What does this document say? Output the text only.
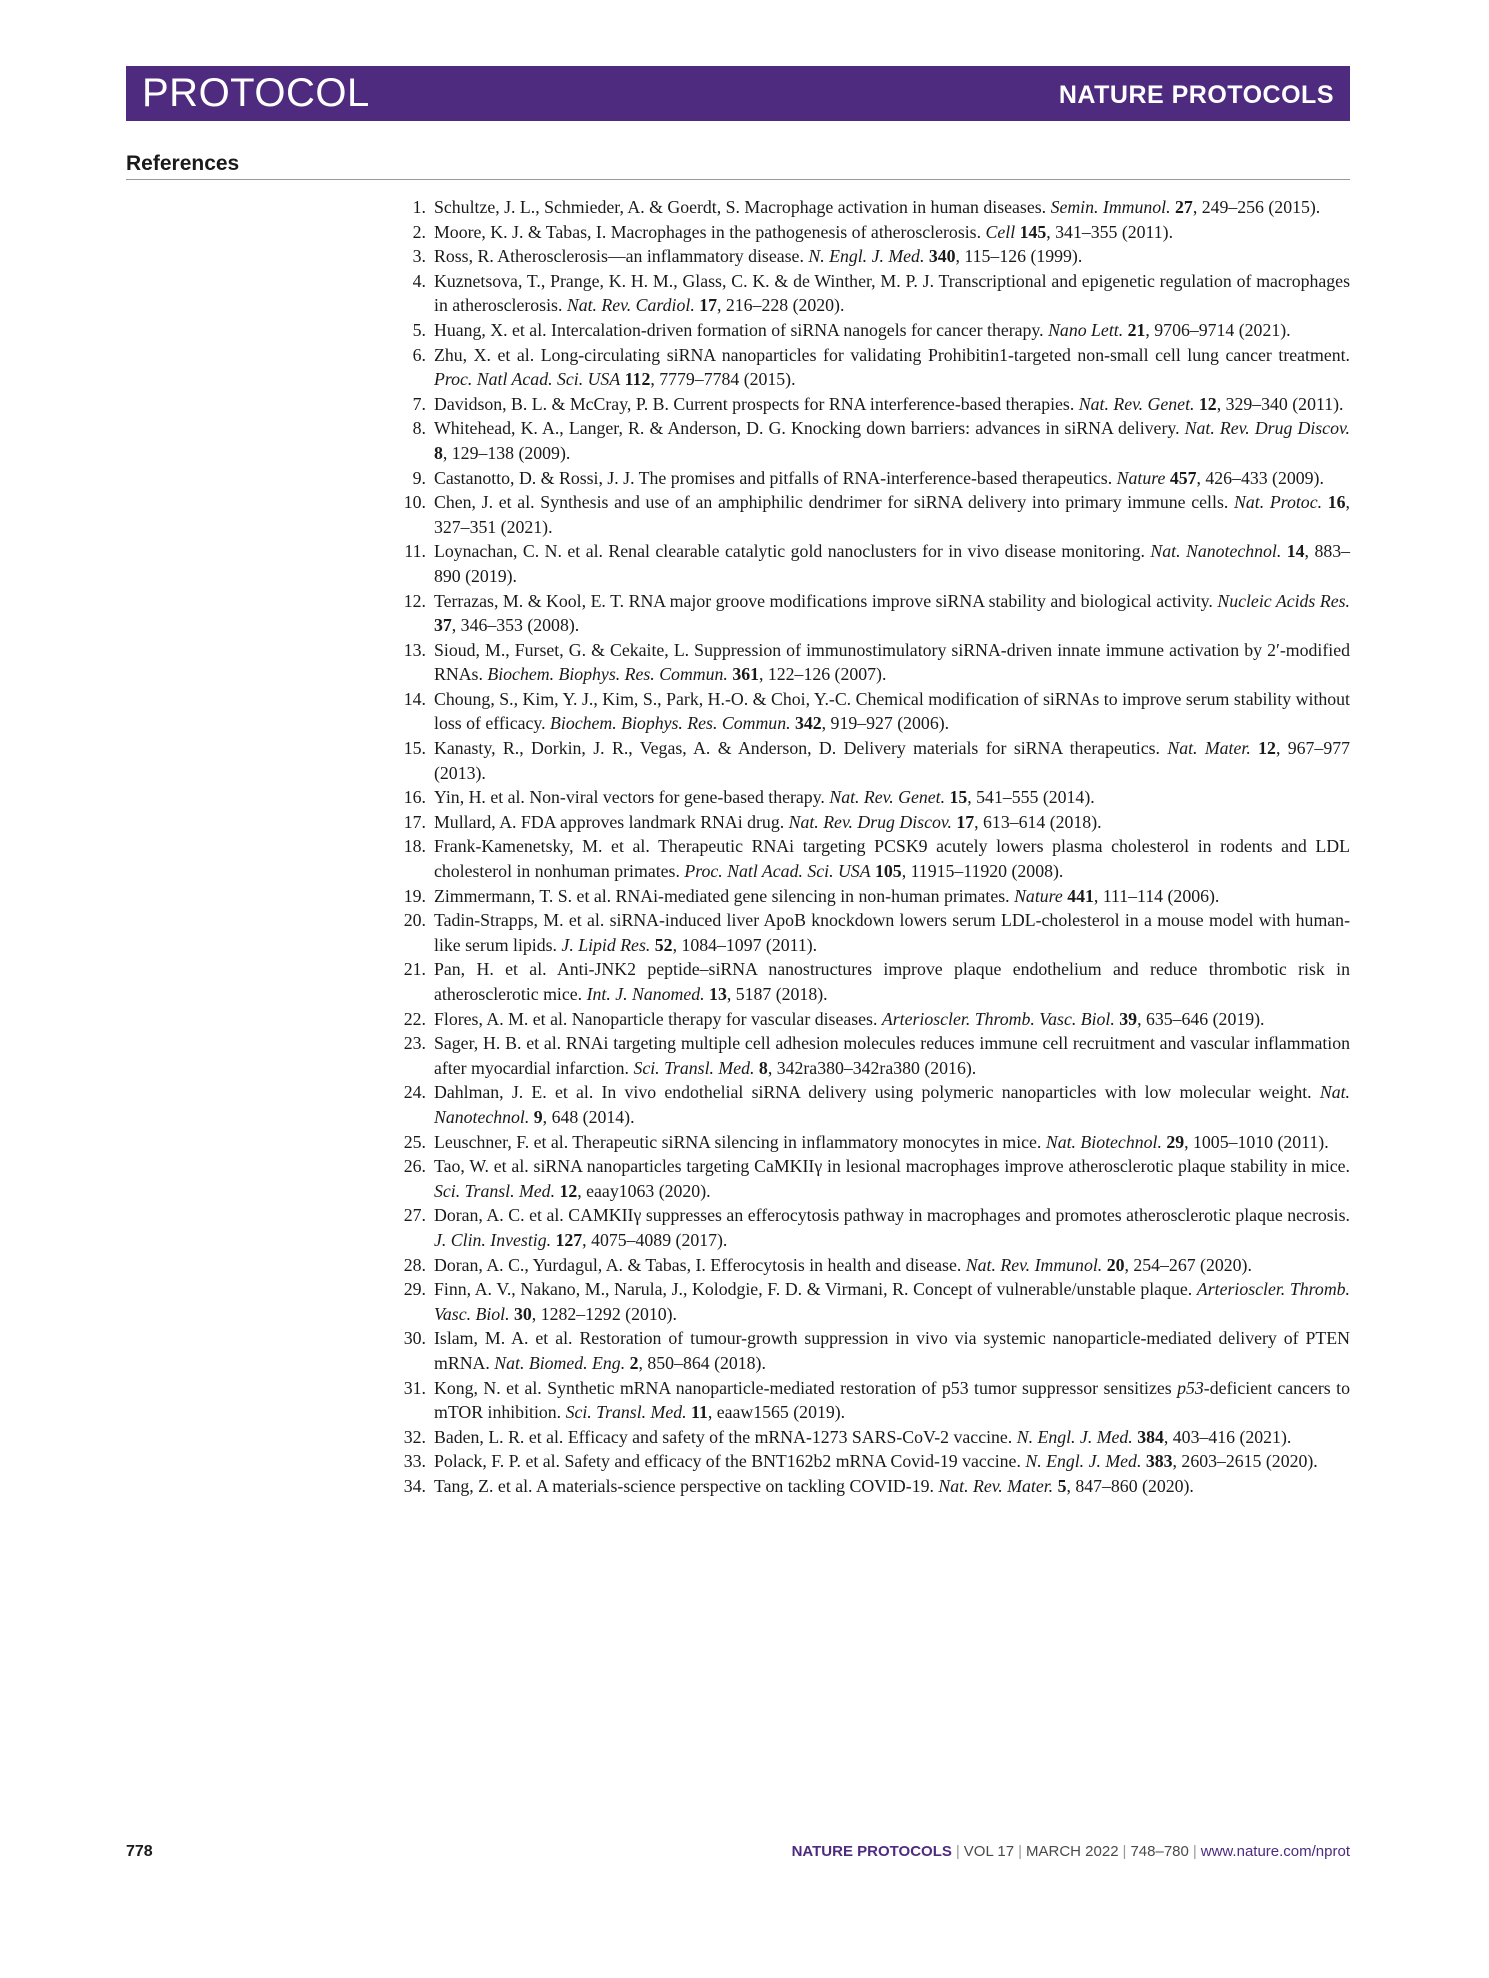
PROTOCOL	NATURE PROTOCOLS
References
1. Schultze, J. L., Schmieder, A. & Goerdt, S. Macrophage activation in human diseases. Semin. Immunol. 27, 249–256 (2015).
2. Moore, K. J. & Tabas, I. Macrophages in the pathogenesis of atherosclerosis. Cell 145, 341–355 (2011).
3. Ross, R. Atherosclerosis—an inflammatory disease. N. Engl. J. Med. 340, 115–126 (1999).
4. Kuznetsova, T., Prange, K. H. M., Glass, C. K. & de Winther, M. P. J. Transcriptional and epigenetic regulation of macrophages in atherosclerosis. Nat. Rev. Cardiol. 17, 216–228 (2020).
5. Huang, X. et al. Intercalation-driven formation of siRNA nanogels for cancer therapy. Nano Lett. 21, 9706–9714 (2021).
6. Zhu, X. et al. Long-circulating siRNA nanoparticles for validating Prohibitin1-targeted non-small cell lung cancer treatment. Proc. Natl Acad. Sci. USA 112, 7779–7784 (2015).
7. Davidson, B. L. & McCray, P. B. Current prospects for RNA interference-based therapies. Nat. Rev. Genet. 12, 329–340 (2011).
8. Whitehead, K. A., Langer, R. & Anderson, D. G. Knocking down barriers: advances in siRNA delivery. Nat. Rev. Drug Discov. 8, 129–138 (2009).
9. Castanotto, D. & Rossi, J. J. The promises and pitfalls of RNA-interference-based therapeutics. Nature 457, 426–433 (2009).
10. Chen, J. et al. Synthesis and use of an amphiphilic dendrimer for siRNA delivery into primary immune cells. Nat. Protoc. 16, 327–351 (2021).
11. Loynachan, C. N. et al. Renal clearable catalytic gold nanoclusters for in vivo disease monitoring. Nat. Nanotechnol. 14, 883–890 (2019).
12. Terrazas, M. & Kool, E. T. RNA major groove modifications improve siRNA stability and biological activity. Nucleic Acids Res. 37, 346–353 (2008).
13. Sioud, M., Furset, G. & Cekaite, L. Suppression of immunostimulatory siRNA-driven innate immune activation by 2′-modified RNAs. Biochem. Biophys. Res. Commun. 361, 122–126 (2007).
14. Choung, S., Kim, Y. J., Kim, S., Park, H.-O. & Choi, Y.-C. Chemical modification of siRNAs to improve serum stability without loss of efficacy. Biochem. Biophys. Res. Commun. 342, 919–927 (2006).
15. Kanasty, R., Dorkin, J. R., Vegas, A. & Anderson, D. Delivery materials for siRNA therapeutics. Nat. Mater. 12, 967–977 (2013).
16. Yin, H. et al. Non-viral vectors for gene-based therapy. Nat. Rev. Genet. 15, 541–555 (2014).
17. Mullard, A. FDA approves landmark RNAi drug. Nat. Rev. Drug Discov. 17, 613–614 (2018).
18. Frank-Kamenetsky, M. et al. Therapeutic RNAi targeting PCSK9 acutely lowers plasma cholesterol in rodents and LDL cholesterol in nonhuman primates. Proc. Natl Acad. Sci. USA 105, 11915–11920 (2008).
19. Zimmermann, T. S. et al. RNAi-mediated gene silencing in non-human primates. Nature 441, 111–114 (2006).
20. Tadin-Strapps, M. et al. siRNA-induced liver ApoB knockdown lowers serum LDL-cholesterol in a mouse model with human-like serum lipids. J. Lipid Res. 52, 1084–1097 (2011).
21. Pan, H. et al. Anti-JNK2 peptide–siRNA nanostructures improve plaque endothelium and reduce thrombotic risk in atherosclerotic mice. Int. J. Nanomed. 13, 5187 (2018).
22. Flores, A. M. et al. Nanoparticle therapy for vascular diseases. Arterioscler. Thromb. Vasc. Biol. 39, 635–646 (2019).
23. Sager, H. B. et al. RNAi targeting multiple cell adhesion molecules reduces immune cell recruitment and vascular inflammation after myocardial infarction. Sci. Transl. Med. 8, 342ra380–342ra380 (2016).
24. Dahlman, J. E. et al. In vivo endothelial siRNA delivery using polymeric nanoparticles with low molecular weight. Nat. Nanotechnol. 9, 648 (2014).
25. Leuschner, F. et al. Therapeutic siRNA silencing in inflammatory monocytes in mice. Nat. Biotechnol. 29, 1005–1010 (2011).
26. Tao, W. et al. siRNA nanoparticles targeting CaMKIIγ in lesional macrophages improve atherosclerotic plaque stability in mice. Sci. Transl. Med. 12, eaay1063 (2020).
27. Doran, A. C. et al. CAMKIIγ suppresses an efferocytosis pathway in macrophages and promotes atherosclerotic plaque necrosis. J. Clin. Investig. 127, 4075–4089 (2017).
28. Doran, A. C., Yurdagul, A. & Tabas, I. Efferocytosis in health and disease. Nat. Rev. Immunol. 20, 254–267 (2020).
29. Finn, A. V., Nakano, M., Narula, J., Kolodgie, F. D. & Virmani, R. Concept of vulnerable/unstable plaque. Arterioscler. Thromb. Vasc. Biol. 30, 1282–1292 (2010).
30. Islam, M. A. et al. Restoration of tumour-growth suppression in vivo via systemic nanoparticle-mediated delivery of PTEN mRNA. Nat. Biomed. Eng. 2, 850–864 (2018).
31. Kong, N. et al. Synthetic mRNA nanoparticle-mediated restoration of p53 tumor suppressor sensitizes p53-deficient cancers to mTOR inhibition. Sci. Transl. Med. 11, eaaw1565 (2019).
32. Baden, L. R. et al. Efficacy and safety of the mRNA-1273 SARS-CoV-2 vaccine. N. Engl. J. Med. 384, 403–416 (2021).
33. Polack, F. P. et al. Safety and efficacy of the BNT162b2 mRNA Covid-19 vaccine. N. Engl. J. Med. 383, 2603–2615 (2020).
34. Tang, Z. et al. A materials-science perspective on tackling COVID-19. Nat. Rev. Mater. 5, 847–860 (2020).
778	NATURE PROTOCOLS | VOL 17 | MARCH 2022 | 748–780 | www.nature.com/nprot
